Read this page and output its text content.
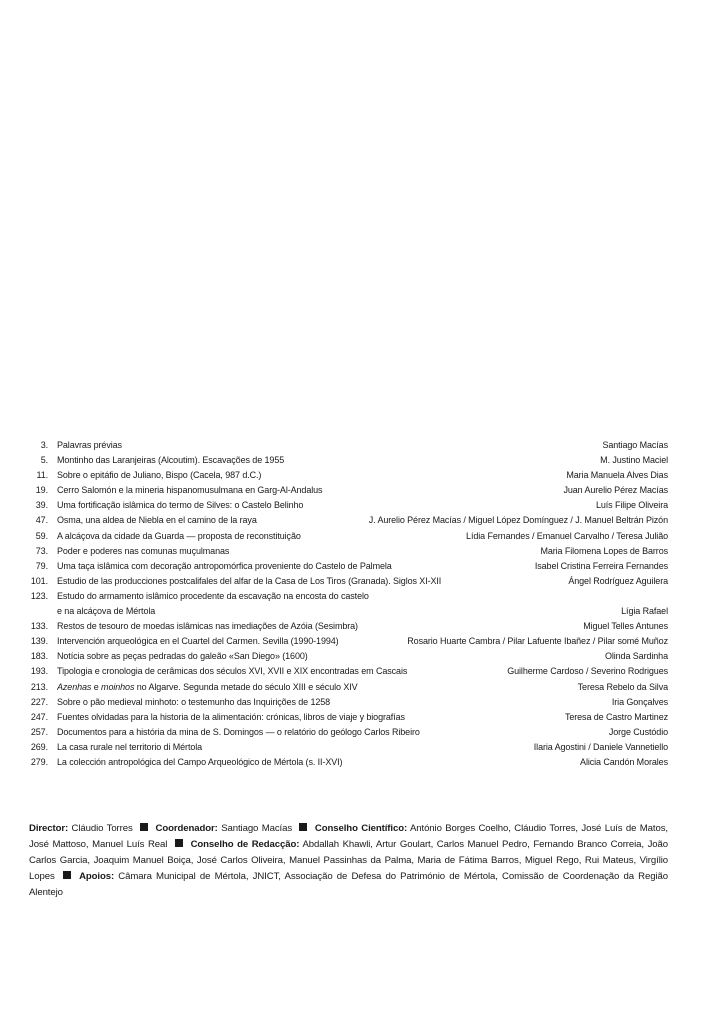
3. Palavras prévias	Santiago Macías
5. Montinho das Laranjeiras (Alcoutim). Escavações de 1955	M. Justino Maciel
11. Sobre o epitáfio de Juliano, Bispo (Cacela, 987 d.C.)	Maria Manuela Alves Dias
19. Cerro Salomón e la mineria hispanomusulmana en Garg-Al-Andalus	Juan Aurelio Pérez Macías
39. Uma fortificação islâmica do termo de Silves: o Castelo Belinho	Luís Filipe Oliveira
47. Osma, una aldea de Niebla en el camino de la raya	J. Aurelio Pérez Macías / Miguel López Domínguez / J. Manuel Beltrán Pizón
59. A alcáçova da cidade da Guarda — proposta de reconstituição	Lídia Fernandes / Emanuel Carvalho / Teresa Julião
73. Poder e poderes nas comunas muçulmanas	Maria Filomena Lopes de Barros
79. Uma taça islâmica com decoração antropomórfica proveniente do Castelo de Palmela	Isabel Cristina Ferreira Fernandes
101. Estudio de las producciones postcalifales del alfar de la Casa de Los Tiros (Granada). Siglos XI-XII	Ángel Rodríguez Aguilera
123. Estudo do armamento islâmico procedente da escavação na encosta do castelo
e na alcáçova de Mértola	Lígia Rafael
133. Restos de tesouro de moedas islâmicas nas imediações de Azóia (Sesimbra)	Miguel Telles Antunes
139. Intervención arqueológica en el Cuartel del Carmen. Sevilla (1990-1994)	Rosario Huarte Cambra / Pilar Lafuente Ibañez / Pilar somé Muñoz
183. Notícia sobre as peças pedradas do galeão «San Diego» (1600)	Olinda Sardinha
193. Tipologia e cronologia de cerâmicas dos séculos XVI, XVII e XIX encontradas em Cascais	Guilherme Cardoso / Severino Rodrigues
213. Azenhas e moinhos no Algarve. Segunda metade do século XIII e século XIV	Teresa Rebelo da Silva
227. Sobre o pão medieval minhoto: o testemunho das Inquirições de 1258	Iria Gonçalves
247. Fuentes olvidadas para la historia de la alimentación: crónicas, libros de viaje y biografías	Teresa de Castro Martinez
257. Documentos para a história da mina de S. Domingos — o relatório do geólogo Carlos Ribeiro	Jorge Custódio
269. La casa rurale nel territorio di Mértola	Ilaria Agostini / Daniele Vannetiello
279. La colección antropológica del Campo Arqueológico de Mértola (s. II-XVI)	Alicia Candón Morales
Director: Cláudio Torres  Coordenador: Santiago Macías  Conselho Científico: António Borges Coelho, Cláudio Torres, José Luís de Matos, José Mattoso, Manuel Luís Real  Conselho de Redacção: Abdallah Khawli, Artur Goulart, Carlos Manuel Pedro, Fernando Branco Correia, João Carlos Garcia, Joaquim Manuel Boiça, José Carlos Oliveira, Manuel Passinhas da Palma, Maria de Fátima Barros, Miguel Rego, Rui Mateus, Virgílio Lopes  Apoios: Câmara Municipal de Mértola, JNICT, Associação de Defesa do Património de Mértola, Comissão de Coordenação da Região Alentejo
